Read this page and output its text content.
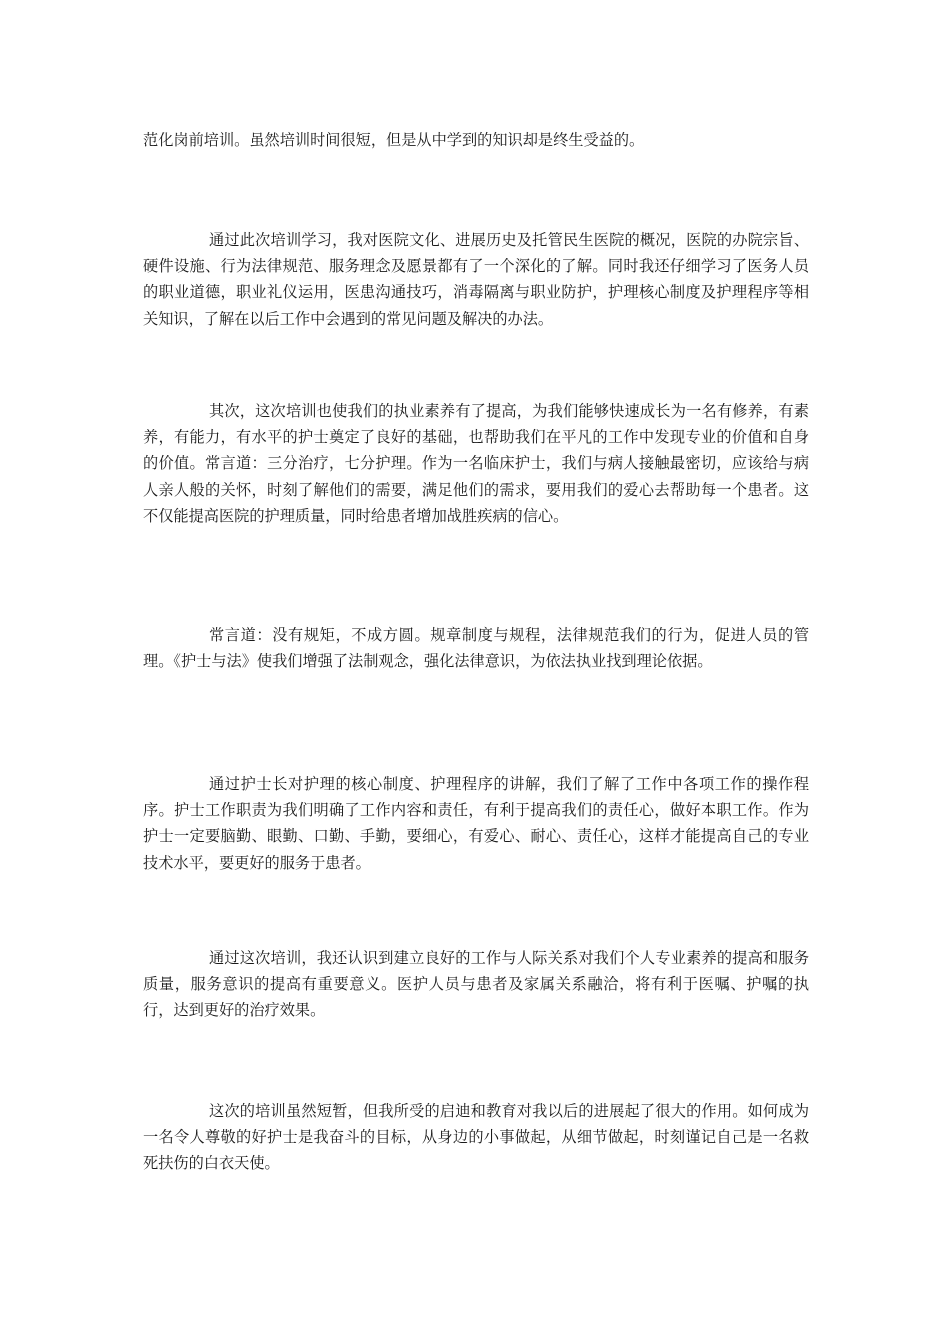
范化岗前培训。虽然培训时间很短，但是从中学到的知识却是终生受益的。

通过此次培训学习，我对医院文化、进展历史及托管民生医院的概况，医院的办院宗旨、硬件设施、行为法律规范、服务理念及愿景都有了一个深化的了解。同时我还仔细学习了医务人员的职业道德，职业礼仪运用，医患沟通技巧，消毒隔离与职业防护，护理核心制度及护理程序等相关知识，了解在以后工作中会遇到的常见问题及解决的办法。

其次，这次培训也使我们的执业素养有了提高，为我们能够快速成长为一名有修养，有素养，有能力，有水平的护士奠定了良好的基础，也帮助我们在平凡的工作中发现专业的价值和自身的价值。常言道：三分治疗，七分护理。作为一名临床护士，我们与病人接触最密切，应该给与病人亲人般的关怀，时刻了解他们的需要，满足他们的需求，要用我们的爱心去帮助每一个患者。这不仅能提高医院的护理质量，同时给患者增加战胜疾病的信心。

常言道：没有规矩，不成方圆。规章制度与规程，法律规范我们的行为，促进人员的管理。《护士与法》使我们增强了法制观念，强化法律意识，为依法执业找到理论依据。

通过护士长对护理的核心制度、护理程序的讲解，我们了解了工作中各项工作的操作程序。护士工作职责为我们明确了工作内容和责任，有利于提高我们的责任心，做好本职工作。作为护士一定要脑勤、眼勤、口勤、手勤，要细心，有爱心、耐心、责任心，这样才能提高自己的专业技术水平，要更好的服务于患者。

通过这次培训，我还认识到建立良好的工作与人际关系对我们个人专业素养的提高和服务质量，服务意识的提高有重要意义。医护人员与患者及家属关系融洽，将有利于医嘱、护嘱的执行，达到更好的治疗效果。

这次的培训虽然短暂，但我所受的启迪和教育对我以后的进展起了很大的作用。如何成为一名令人尊敬的好护士是我奋斗的目标，从身边的小事做起，从细节做起，时刻谨记自己是一名救死扶伤的白衣天使。
